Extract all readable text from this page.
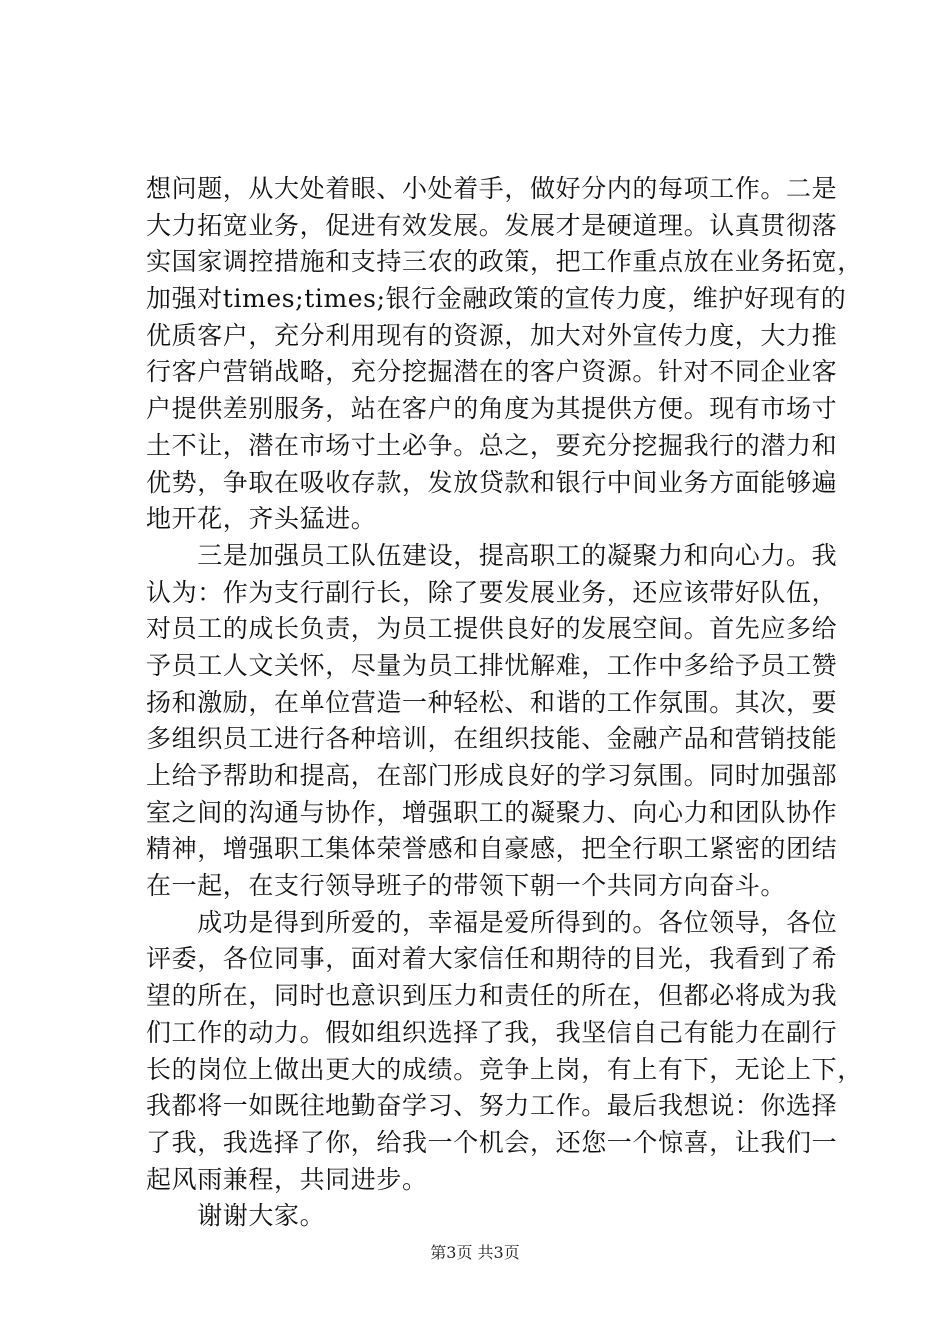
想问题，从大处着眼、小处着手，做好分内的每项工作。二是
大力拓宽业务，促进有效发展。发展才是硬道理。认真贯彻落
实国家调控措施和支持三农的政策，把工作重点放在业务拓宽，
加强对times;times;银行金融政策的宣传力度，维护好现有的
优质客户，充分利用现有的资源，加大对外宣传力度，大力推
行客户营销战略，充分挖掘潜在的客户资源。针对不同企业客
户提供差别服务，站在客户的角度为其提供方便。现有市场寸
土不让，潜在市场寸土必争。总之，要充分挖掘我行的潜力和
优势，争取在吸收存款，发放贷款和银行中间业务方面能够遍
地开花，齐头猛进。
　　三是加强员工队伍建设，提高职工的凝聚力和向心力。我
认为：作为支行副行长，除了要发展业务，还应该带好队伍，
对员工的成长负责，为员工提供良好的发展空间。首先应多给
予员工人文关怀，尽量为员工排忧解难，工作中多给予员工赞
扬和激励，在单位营造一种轻松、和谐的工作氛围。其次，要
多组织员工进行各种培训，在组织技能、金融产品和营销技能
上给予帮助和提高，在部门形成良好的学习氛围。同时加强部
室之间的沟通与协作，增强职工的凝聚力、向心力和团队协作
精神，增强职工集体荣誉感和自豪感，把全行职工紧密的团结
在一起，在支行领导班子的带领下朝一个共同方向奋斗。
　　成功是得到所爱的，幸福是爱所得到的。各位领导，各位
评委，各位同事，面对着大家信任和期待的目光，我看到了希
望的所在，同时也意识到压力和责任的所在，但都必将成为我
们工作的动力。假如组织选择了我，我坚信自己有能力在副行
长的岗位上做出更大的成绩。竞争上岗，有上有下，无论上下，
我都将一如既往地勤奋学习、努力工作。最后我想说：你选择
了我，我选择了你，给我一个机会，还您一个惊喜，让我们一
起风雨兼程，共同进步。
　　谢谢大家。
第3页 共3页
